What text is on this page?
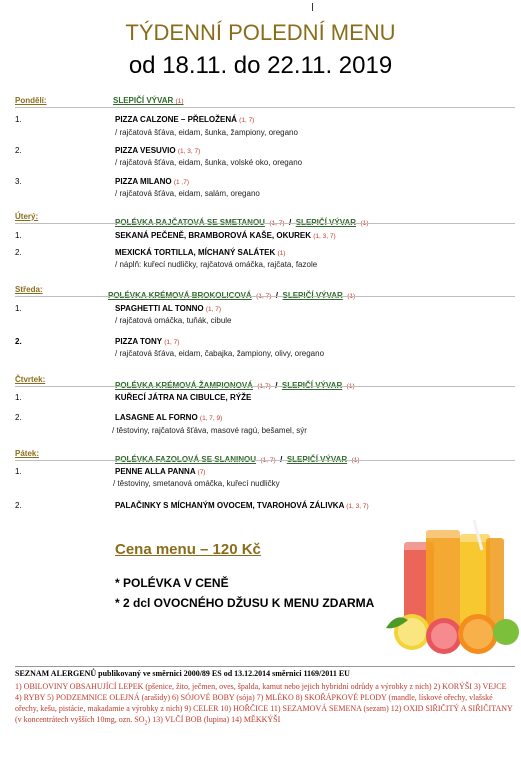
TÝDENNÍ POLEDNÍ MENU
od 18.11. do 22.11. 2019
Pondělí:	SLEPIČÍ VÝVAR (1)
1.	PIZZA CALZONE – PŘELOŽENÁ (1, 7)
/ rajčatová šťáva, eidam, šunka, žampiony, oregano
2.	PIZZA VESUVIO (1, 3, 7)
/ rajčatová šťáva, eidam, šunka, volské oko, oregano
3.	PIZZA MILANO (1 ,7)
/ rajčatová šťáva, eidam, salám, oregano
Úterý:
POLÉVKA RAJČATOVÁ SE SMETANOU (1, 7) / SLEPIČÍ VÝVAR (1)
1.	SEKANÁ PEČENĚ, BRAMBOROVÁ KAŠE, OKUREK (1, 3, 7)
2.	MEXICKÁ TORTILLA, MÍCHANÝ SALÁTEK (1)
/ náplň: kuřecí nudličky, rajčatová omáčka, rajčata, fazole
Středa:
POLÉVKA KRÉMOVÁ BROKOLICOVÁ (1, 7) / SLEPIČÍ VÝVAR (1)
1.	SPAGHETTI AL TONNO (1, 7)
/ rajčatová omáčka, tuňák, cibule
2.	PIZZA TONY (1, 7)
/ rajčatová šťáva, eidam, čabajka, žampiony, olivy, oregano
Čtvrtek:
POLÉVKA KRÉMOVÁ ŽAMPIONOVÁ (1,7) / SLEPIČÍ VÝVAR (1)
1.	KUŘECÍ JÁTRA NA CIBULCE, RÝŽE
2.	LASAGNE AL FORNO (1, 7, 9)
/ těstoviny, rajčatová šťáva, masové ragú, bešamel, sýr
Pátek:
POLÉVKA FAZOLOVÁ SE SLANINOU (1, 7) / SLEPIČÍ VÝVAR (1)
1.	PENNE ALLA PANNA (7)
/ těstoviny, smetanová omáčka, kuřecí nudličky
2.	PALAČINKY S MÍCHANÝM OVOCEM, TVAROHOVÁ ZÁLIVKA (1, 3, 7)
Cena menu – 120 Kč
* POLÉVKA V CENĚ
* 2 dcl OVOCNÉHO DŽUSU K MENU ZDARMA
SEZNAM ALERGENŮ publikovaný ve směrnici 2000/89 ES od 13.12.2014 směrnici 1169/2011 EU
1) OBILOVINY OBSAHUJÍCÍ LEPEK (pšenice, žito, ječmen, oves, špalda, kamut nebo jejich hybridní odrůdy a výrobky z nich) 2) KORÝŠI 3) VEJCE 4) RYBY 5) PODZEMNICE OLEJNÁ (arašídy) 6) SÓJOVÉ BOBY (sója) 7) MLÉKO 8) SKOŘÁPKOVÉ PLODY (mandle, lískové ořechy, vlašské ořechy, kešu, pistácie, makadamie a výrobky z nich) 9) CELER 10) HOŘČICE 11) SEZAMOVÁ SEMENA (sezam) 12) OXID SIŘIČITÝ A SIŘIČITANY (v koncentrátech vyšších 10mg, ozn. $SO_2$) 13) VLČÍ BOB (lupina) 14) MĚKKÝŠI
